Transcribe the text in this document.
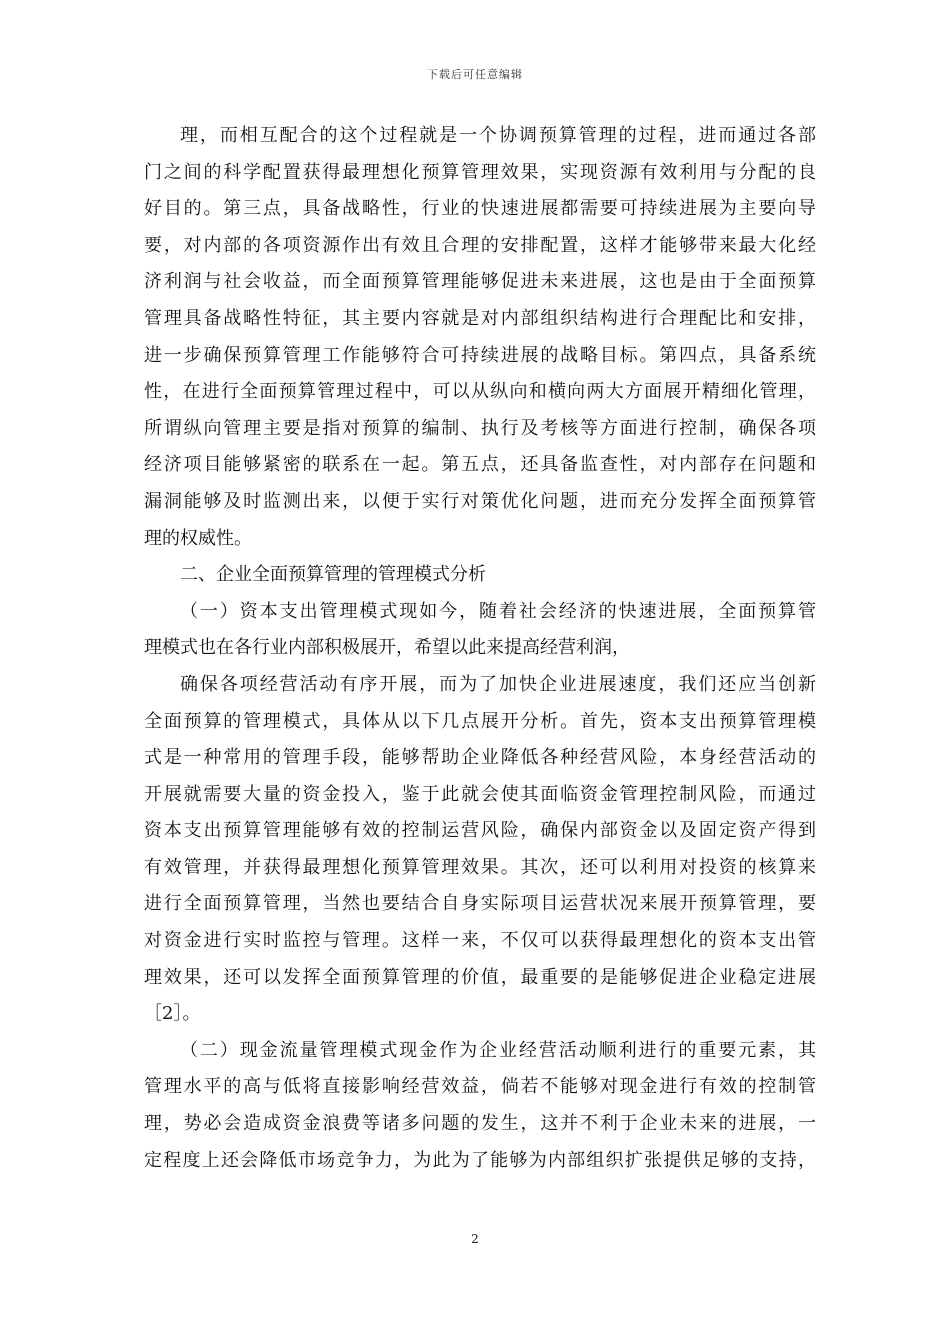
下载后可任意编辑
理，而相互配合的这个过程就是一个协调预算管理的过程，进而通过各部
门之间的科学配置获得最理想化预算管理效果，实现资源有效利用与分配的良
好目的。第三点，具备战略性，行业的快速进展都需要可持续进展为主要向导
要，对内部的各项资源作出有效且合理的安排配置，这样才能够带来最大化经
济利润与社会收益，而全面预算管理能够促进未来进展，这也是由于全面预算
管理具备战略性特征，其主要内容就是对内部组织结构进行合理配比和安排，
进一步确保预算管理工作能够符合可持续进展的战略目标。第四点，具备系统
性，在进行全面预算管理过程中，可以从纵向和横向两大方面展开精细化管理，
所谓纵向管理主要是指对预算的编制、执行及考核等方面进行控制，确保各项
经济项目能够紧密的联系在一起。第五点，还具备监查性，对内部存在问题和
漏洞能够及时监测出来，以便于实行对策优化问题，进而充分发挥全面预算管
理的权威性。
二、企业全面预算管理的管理模式分析
（一）资本支出管理模式现如今，随着社会经济的快速进展，全面预算管
理模式也在各行业内部积极展开，希望以此来提高经营利润，
确保各项经营活动有序开展，而为了加快企业进展速度，我们还应当创新
全面预算的管理模式，具体从以下几点展开分析。首先，资本支出预算管理模
式是一种常用的管理手段，能够帮助企业降低各种经营风险，本身经营活动的
开展就需要大量的资金投入，鉴于此就会使其面临资金管理控制风险，而通过
资本支出预算管理能够有效的控制运营风险，确保内部资金以及固定资产得到
有效管理，并获得最理想化预算管理效果。其次，还可以利用对投资的核算来
进行全面预算管理，当然也要结合自身实际项目运营状况来展开预算管理，要
对资金进行实时监控与管理。这样一来，不仅可以获得最理想化的资本支出管
理效果，还可以发挥全面预算管理的价值，最重要的是能够促进企业稳定进展
［2］。
（二）现金流量管理模式现金作为企业经营活动顺利进行的重要元素，其
管理水平的高与低将直接影响经营效益，倘若不能够对现金进行有效的控制管
理，势必会造成资金浪费等诸多问题的发生，这并不利于企业未来的进展，一
定程度上还会降低市场竞争力，为此为了能够为内部组织扩张提供足够的支持，
2
